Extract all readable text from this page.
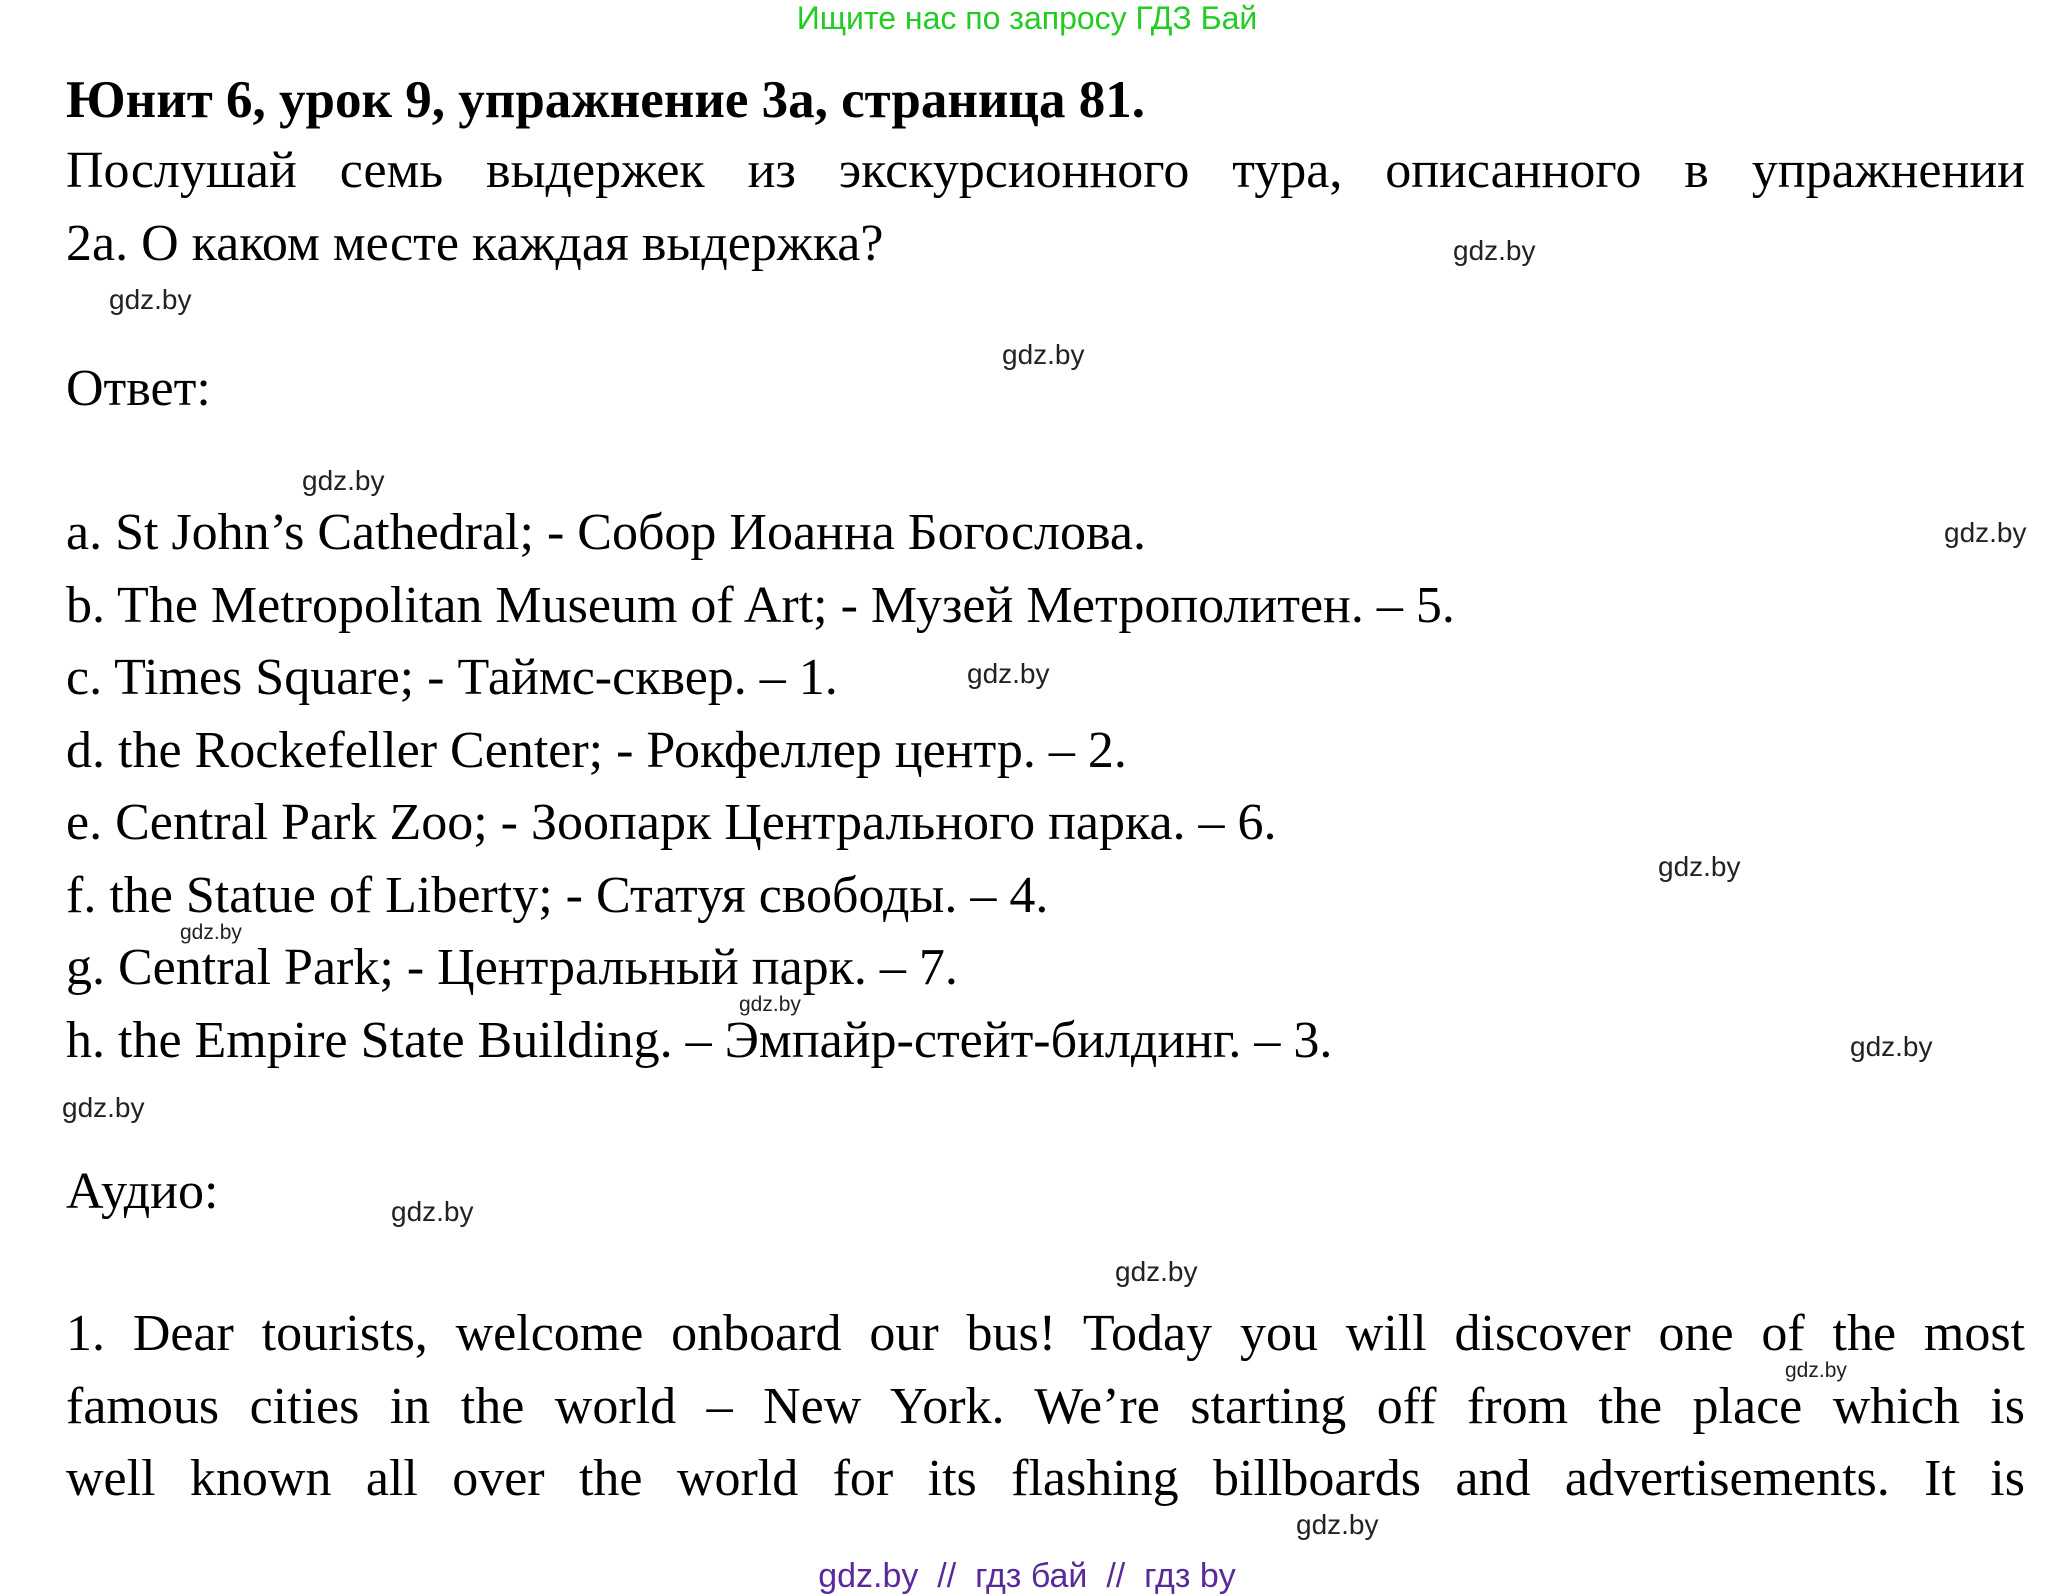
Ищите нас по запросу ГДЗ Бай
Юнит 6, урок 9, упражнение 3a, страница 81.
Послушай семь выдержек из экскурсионного тура, описанного в упражнении
2a. О каком месте каждая выдержка?
Ответ:
a. St John’s Cathedral; - Собор Иоанна Богослова.
b. The Metropolitan Museum of Art; - Музей Метрополитен. – 5.
c. Times Square; - Таймс-сквер. – 1.
d. the Rockefeller Center; - Рокфеллер центр. – 2.
e. Central Park Zoo; - Зоопарк Центрального парка. – 6.
f. the Statue of Liberty; - Статуя свободы. – 4.
g. Central Park; - Центральный парк. – 7.
h. the Empire State Building. – Эмпайр-стейт-билдинг. – 3.
Аудио:
1. Dear tourists, welcome onboard our bus! Today you will discover one of the most
famous cities in the world – New York. We’re starting off from the place which is
well known all over the world for its flashing billboards and advertisements. It is
gdz.by
gdz.by
gdz.by
gdz.by
gdz.by
gdz.by
gdz.by
gdz.by
gdz.by
gdz.by
gdz.by
gdz.by
gdz.by
gdz.by
gdz.by
gdz.by  //  гдз бай  //  гдз by
